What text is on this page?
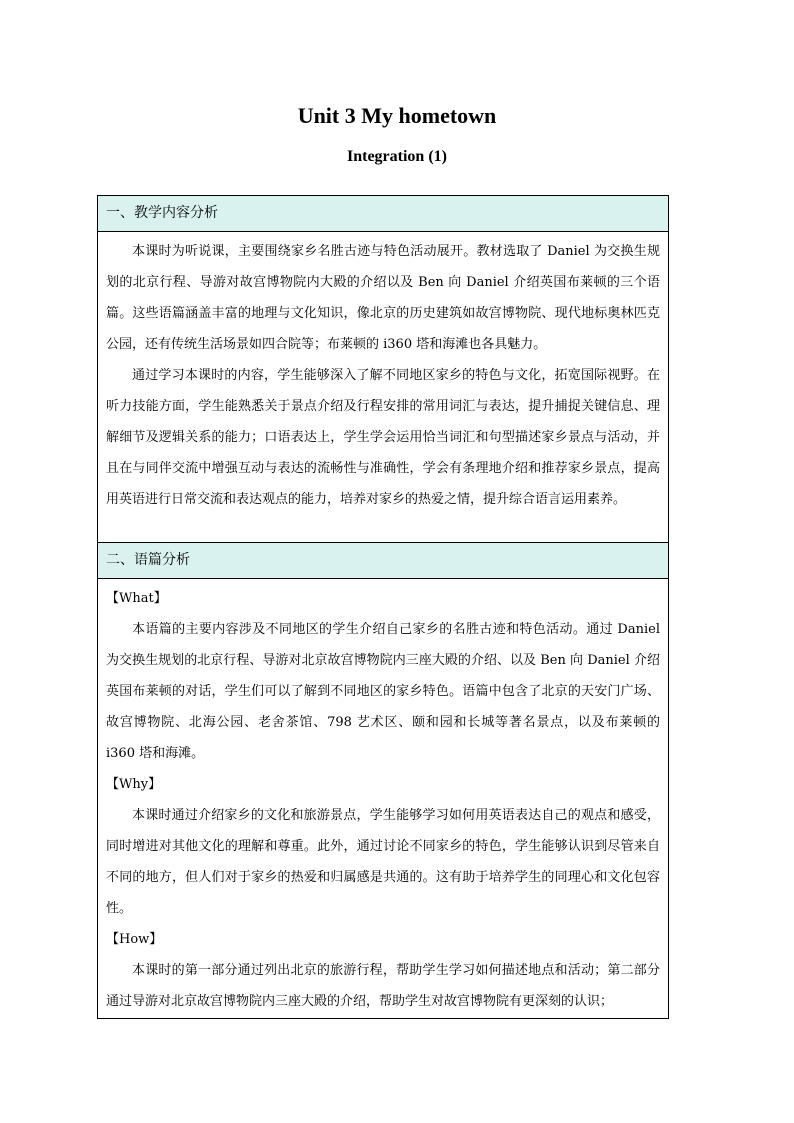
Unit 3 My hometown
Integration (1)
一、教学内容分析

本课时为听说课，主要围绕家乡名胜古迹与特色活动展开。教材选取了 Daniel 为交换生规划的北京行程、导游对故宫博物院内大殿的介绍以及 Ben 向 Daniel 介绍英国布莱顿的三个语篇。这些语篇涵盖丰富的地理与文化知识，像北京的历史建筑如故宫博物院、现代地标奥林匹克公园，还有传统生活场景如四合院等；布莱顿的 i360 塔和海滩也各具魅力。

通过学习本课时的内容，学生能够深入了解不同地区家乡的特色与文化，拓宽国际视野。在听力技能方面，学生能熟悉关于景点介绍及行程安排的常用词汇与表达，提升捕捉关键信息、理解细节及逻辑关系的能力；口语表达上，学生学会运用恰当词汇和句型描述家乡景点与活动，并且在与同伴交流中增强互动与表达的流畅性与准确性，学会有条理地介绍和推荐家乡景点，提高用英语进行日常交流和表达观点的能力，培养对家乡的热爱之情，提升综合语言运用素养。

二、语篇分析

【What】

本语篇的主要内容涉及不同地区的学生介绍自己家乡的名胜古迹和特色活动。通过 Daniel 为交换生规划的北京行程、导游对北京故宫博物院内三座大殿的介绍、以及 Ben 向 Daniel 介绍英国布莱顿的对话，学生们可以了解到不同地区的家乡特色。语篇中包含了北京的天安门广场、故宫博物院、北海公园、老舍茶馆、798 艺术区、颐和园和长城等著名景点，以及布莱顿的 i360 塔和海滩。

【Why】

本课时通过介绍家乡的文化和旅游景点，学生能够学习如何用英语表达自己的观点和感受，同时增进对其他文化的理解和尊重。此外，通过讨论不同家乡的特色，学生能够认识到尽管来自不同的地方，但人们对于家乡的热爱和归属感是共通的。这有助于培养学生的同理心和文化包容性。

【How】

本课时的第一部分通过列出北京的旅游行程，帮助学生学习如何描述地点和活动；第二部分通过导游对北京故宫博物院内三座大殿的介绍，帮助学生对故宫博物院有更深刻的认识；
